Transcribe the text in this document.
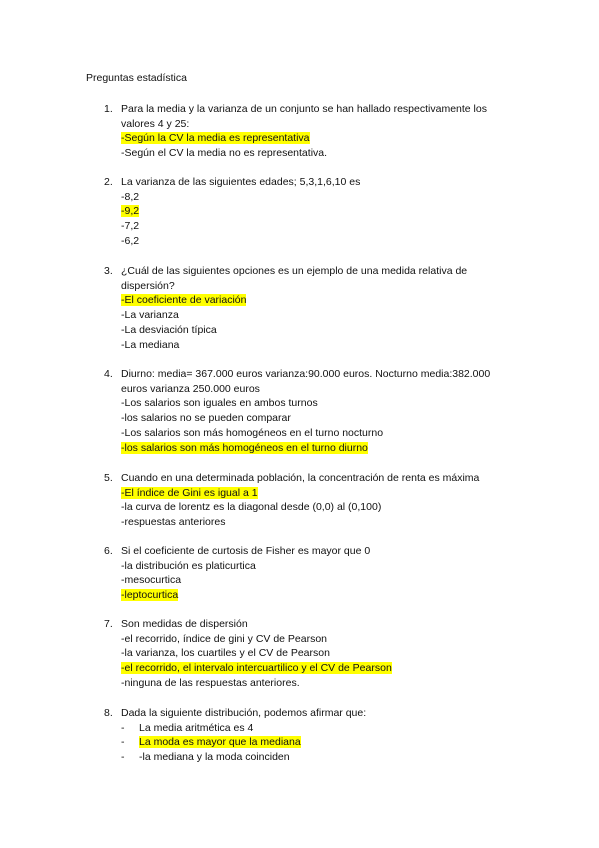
Preguntas estadística
1. Para la media y la varianza de un conjunto se han hallado respectivamente los valores 4 y 25:
-Según la CV la media es representativa
-Según el CV la media no es representativa.
2. La varianza de las siguientes edades; 5,3,1,6,10 es
-8,2
-9,2
-7,2
-6,2
3. ¿Cuál de las siguientes opciones es un ejemplo de una medida relativa de dispersión?
-El coeficiente de variación
-La varianza
-La desviación típica
-La mediana
4. Diurno: media= 367.000 euros varianza:90.000 euros. Nocturno media:382.000 euros varianza 250.000 euros
-Los salarios son iguales en ambos turnos
-los salarios no se pueden comparar
-Los salarios son más homogéneos en el turno nocturno
-los salarios son más homogéneos en el turno diurno
5. Cuando en una determinada población, la concentración de renta es máxima
-El índice de Gini es igual a 1
-la curva de lorentz es la diagonal desde (0,0) al (0,100)
-respuestas anteriores
6. Si el coeficiente de curtosis de Fisher es mayor que 0
-la distribución es platicurtica
-mesocurtica
-leptocurtica
7. Son medidas de dispersión
-el recorrido, índice de gini y CV de Pearson
-la varianza, los cuartiles y el CV de Pearson
-el recorrido, el intervalo intercuartilico y el CV de Pearson
-ninguna de las respuestas anteriores.
8. Dada la siguiente distribución, podemos afirmar que:
- La media aritmética es 4
- La moda es mayor que la mediana
- -la mediana y la moda coinciden
